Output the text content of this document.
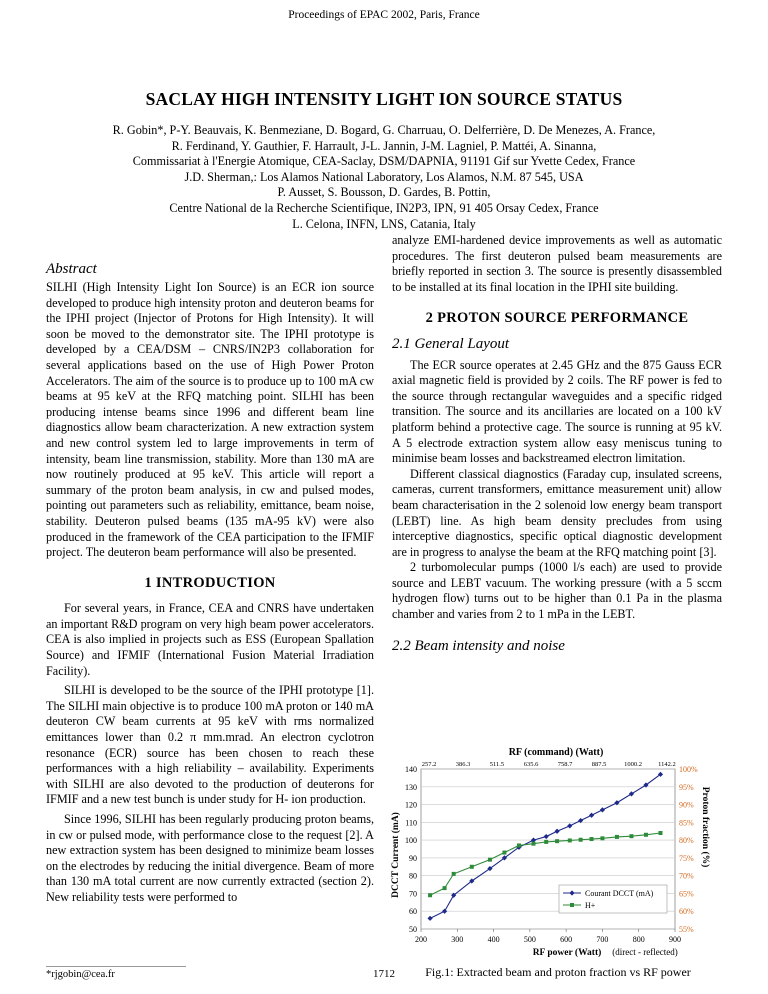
Proceedings of EPAC 2002, Paris, France
SACLAY HIGH INTENSITY LIGHT ION SOURCE STATUS
R. Gobin*, P-Y. Beauvais, K. Benmeziane, D. Bogard, G. Charruau, O. Delferrière, D. De Menezes, A. France,
R. Ferdinand, Y. Gauthier, F. Harrault, J-L. Jannin, J-M. Lagniel, P. Mattéi, A. Sinanna,
Commissariat à l'Energie Atomique, CEA-Saclay, DSM/DAPNIA, 91191 Gif sur Yvette Cedex, France
J.D. Sherman,: Los Alamos National Laboratory, Los Alamos, N.M. 87 545, USA
P. Ausset, S. Bousson, D. Gardes, B. Pottin,
Centre National de la Recherche Scientifique, IN2P3, IPN, 91 405 Orsay Cedex, France
L. Celona, INFN, LNS, Catania, Italy
Abstract

SILHI (High Intensity Light Ion Source) is an ECR ion source developed to produce high intensity proton and deuteron beams for the IPHI project (Injector of Protons for High Intensity). It will soon be moved to the demonstrator site. The IPHI prototype is developed by a CEA/DSM – CNRS/IN2P3 collaboration for several applications based on the use of High Power Proton Accelerators. The aim of the source is to produce up to 100 mA cw beams at 95 keV at the RFQ matching point. SILHI has been producing intense beams since 1996 and different beam line diagnostics allow beam characterization. A new extraction system and new control system led to large improvements in term of intensity, beam line transmission, stability. More than 130 mA are now routinely produced at 95 keV. This article will report a summary of the proton beam analysis, in cw and pulsed modes, pointing out parameters such as reliability, emittance, beam noise, stability. Deuteron pulsed beams (135 mA-95 kV) were also produced in the framework of the CEA participation to the IFMIF project. The deuteron beam performance will also be presented.

1 INTRODUCTION

For several years, in France, CEA and CNRS have undertaken an important R&D program on very high beam power accelerators. CEA is also implied in projects such as ESS (European Spallation Source) and IFMIF (International Fusion Material Irradiation Facility).

SILHI is developed to be the source of the IPHI prototype [1]. The SILHI main objective is to produce 100 mA proton or 140 mA deuteron CW beam currents at 95 keV with rms normalized emittances lower than 0.2 π mm.mrad. An electron cyclotron resonance (ECR) source has been chosen to reach these performances with a high reliability – availability. Experiments with SILHI are also devoted to the production of deuterons for IFMIF and a new test bunch is under study for H- ion production.

Since 1996, SILHI has been regularly producing proton beams, in cw or pulsed mode, with performance close to the request [2]. A new extraction system has been designed to minimize beam losses on the electrodes by reducing the initial divergence. Beam of more than 130 mA total current are now currently extracted (section 2). New reliability tests were performed to

*rjgobin@cea.fr

analyze EMI-hardened device improvements as well as automatic procedures. The first deuteron pulsed beam measurements are briefly reported in section 3. The source is presently disassembled to be installed at its final location in the IPHI site building.

2 PROTON SOURCE PERFORMANCE
2.1 General Layout

The ECR source operates at 2.45 GHz and the 875 Gauss ECR axial magnetic field is provided by 2 coils. The RF power is fed to the source through rectangular waveguides and a specific ridged transition. The source and its ancillaries are located on a 100 kV platform behind a protective cage. The source is running at 95 kV. A 5 electrode extraction system allow easy meniscus tuning to minimise beam losses and backstreamed electron limitation.

Different classical diagnostics (Faraday cup, insulated screens, cameras, current transformers, emittance measurement unit) allow beam characterisation in the 2 solenoid low energy beam transport (LEBT) line. As high beam density precludes from using interceptive diagnostics, specific optical diagnostic development are in progress to analyse the beam at the RFQ matching point [3].

2 turbomolecular pumps (1000 l/s each) are used to provide source and LEBT vacuum. The working pressure (with a 5 sccm hydrogen flow) turns out to be higher than 0.1 Pa in the plasma chamber and varies from 2 to 1 mPa in the LEBT.

2.2 Beam intensity and noise
RF (command) (Watt)
50
60
70
80
90
100
110
120
130
140
55%
60%
65%
70%
75%
80%
85%
90%
95%
100%
200	300	400	500	600	700	800	900
257.2	386.3	511.5	635.6	758.7	887.5	1000.2 1142.2
Courant DCCT (mA)
H+
RF power (Watt) (direct - reflected)
DCCT Current (mA)	Proton fraction (%)
1712	Fig.1: Extracted beam and proton fraction vs RF power
